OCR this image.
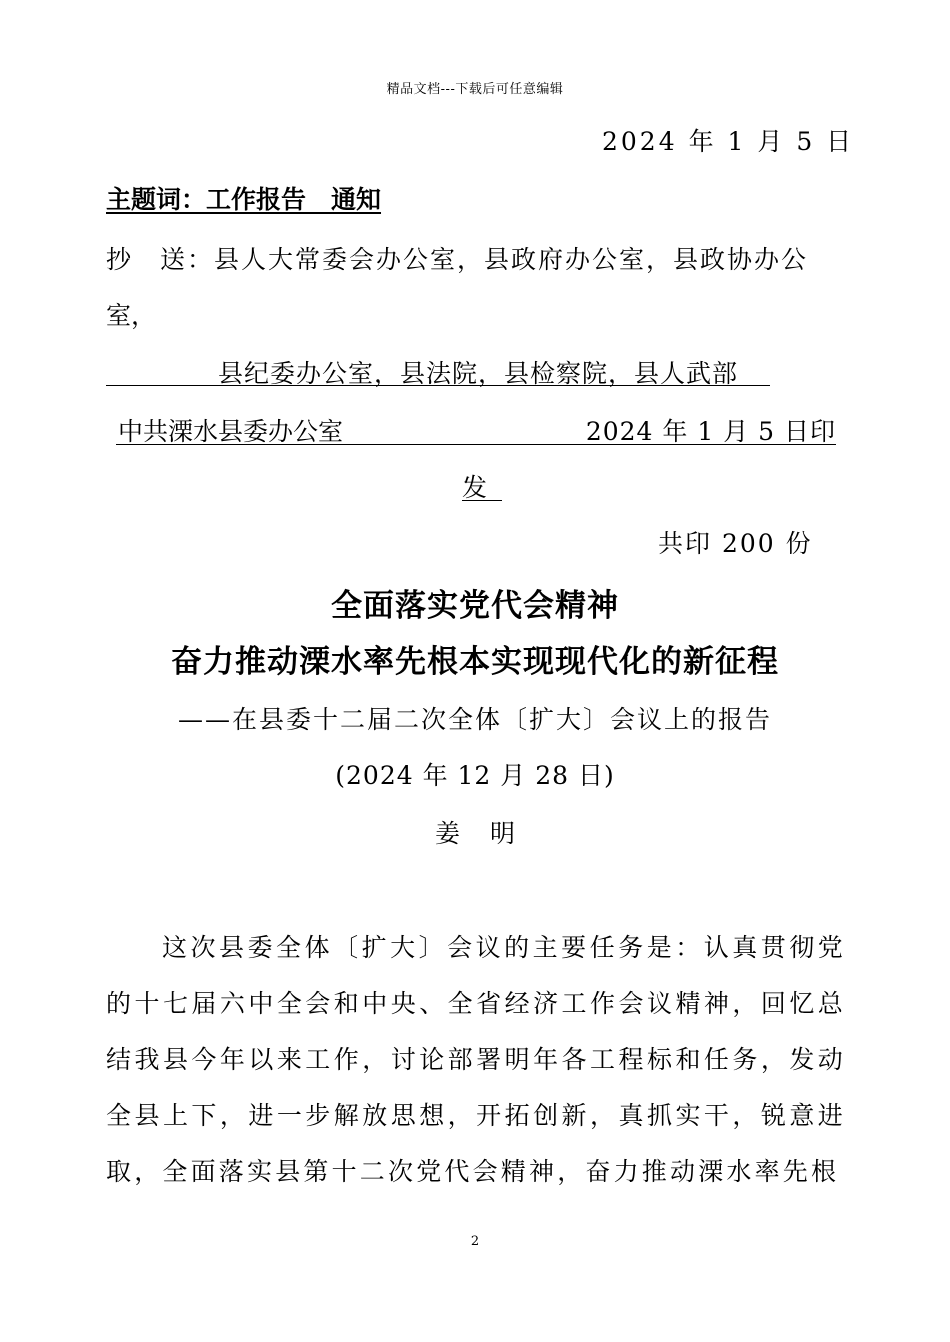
精品文档---下载后可任意编辑
2024 年 1 月 5 日
主题词：工作报告　通知
抄　送：县人大常委会办公室，县政府办公室，县政协办公
室，
县纪委办公室，县法院，县检察院，县人武部
中共溧水县委办公室	2024 年 1 月 5 日印
发
共印 200 份
全面落实党代会精神
奋力推动溧水率先根本实现现代化的新征程
——在县委十二届二次全体〔扩大〕会议上的报告
(2024 年 12 月 28 日)
姜明
这次县委全体〔扩大〕会议的主要任务是：认真贯彻党的十七届六中全会和中央、全省经济工作会议精神，回忆总结我县今年以来工作，讨论部署明年各工程标和任务，发动全县上下，进一步解放思想，开拓创新，真抓实干，锐意进取，全面落实县第十二次党代会精神，奋力推动溧水率先根
2
